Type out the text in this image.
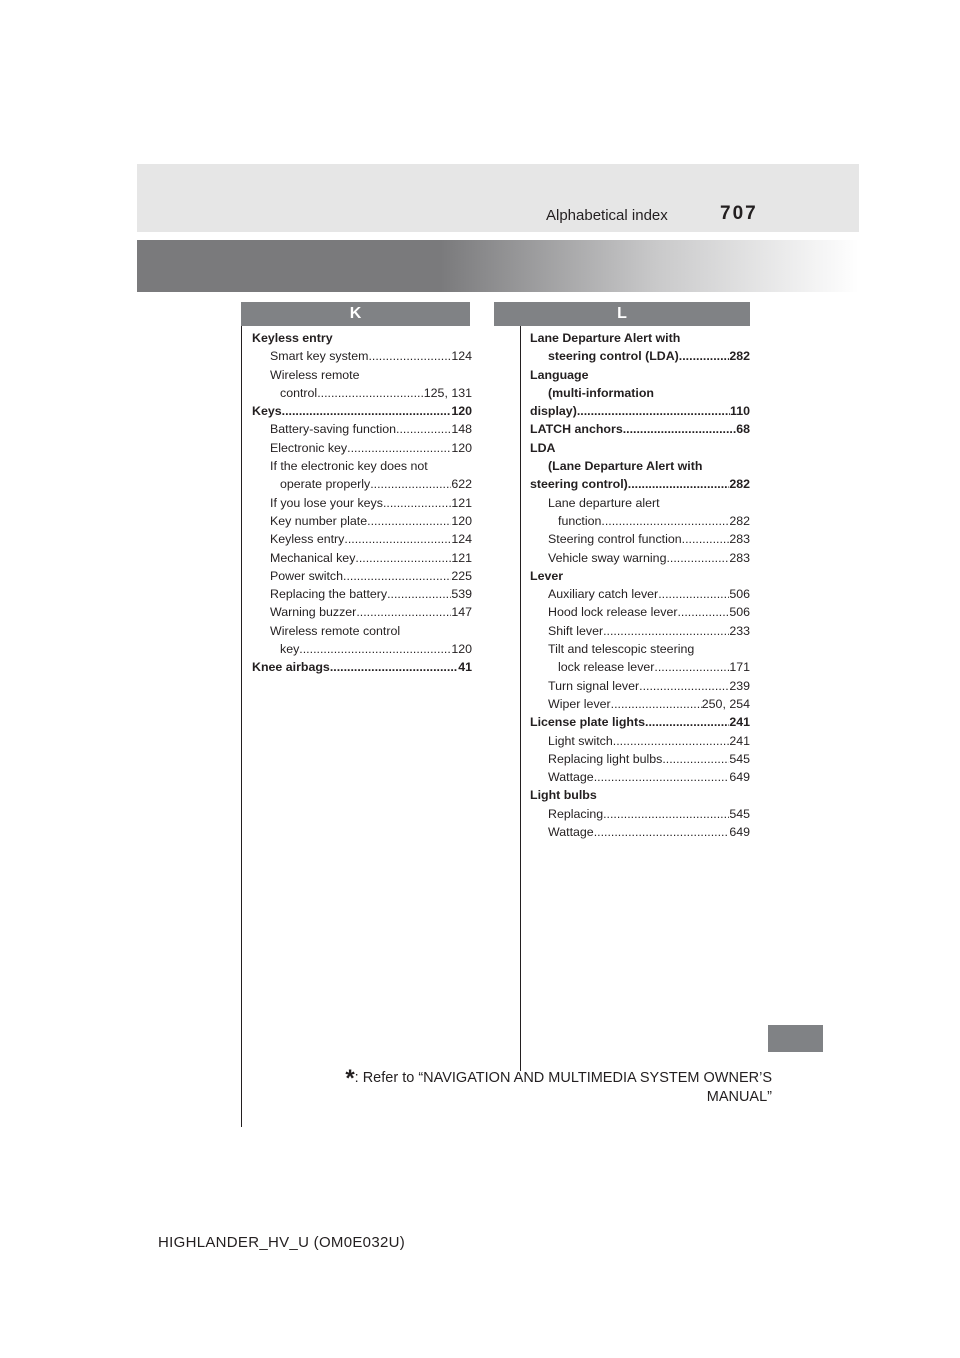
Alphabetical index	707
K	L
Keyless entry
Smart key system .....	124
Wireless remote
control .....	125, 131
Keys .....	120
Battery-saving function .....	148
Electronic key .....	120
If the electronic key does not
operate properly .....	622
If you lose your keys .....	121
Key number plate .....	120
Keyless entry .....	124
Mechanical key .....	121
Power switch .....	225
Replacing the battery .....	539
Warning buzzer .....	147
Wireless remote control
key .....	120
Knee airbags .....	41
Lane Departure Alert with
steering control (LDA) .....	282
Language
(multi-information
display) .....	110
LATCH anchors .....	68
LDA
(Lane Departure Alert with
steering control) .....	282
Lane departure alert
function .....	282
Steering control function .....	283
Vehicle sway warning .....	283
Lever
Auxiliary catch lever .....	506
Hood lock release lever .....	506
Shift lever .....	233
Tilt and telescopic steering
lock release lever .....	171
Turn signal lever .....	239
Wiper lever .....	250, 254
License plate lights .....	241
Light switch .....	241
Replacing light bulbs .....	545
Wattage .....	649
Light bulbs
Replacing .....	545
Wattage .....	649
*: Refer to “NAVIGATION AND MULTIMEDIA SYSTEM OWNER’S
MANUAL”
HIGHLANDER_HV_U (OM0E032U)
